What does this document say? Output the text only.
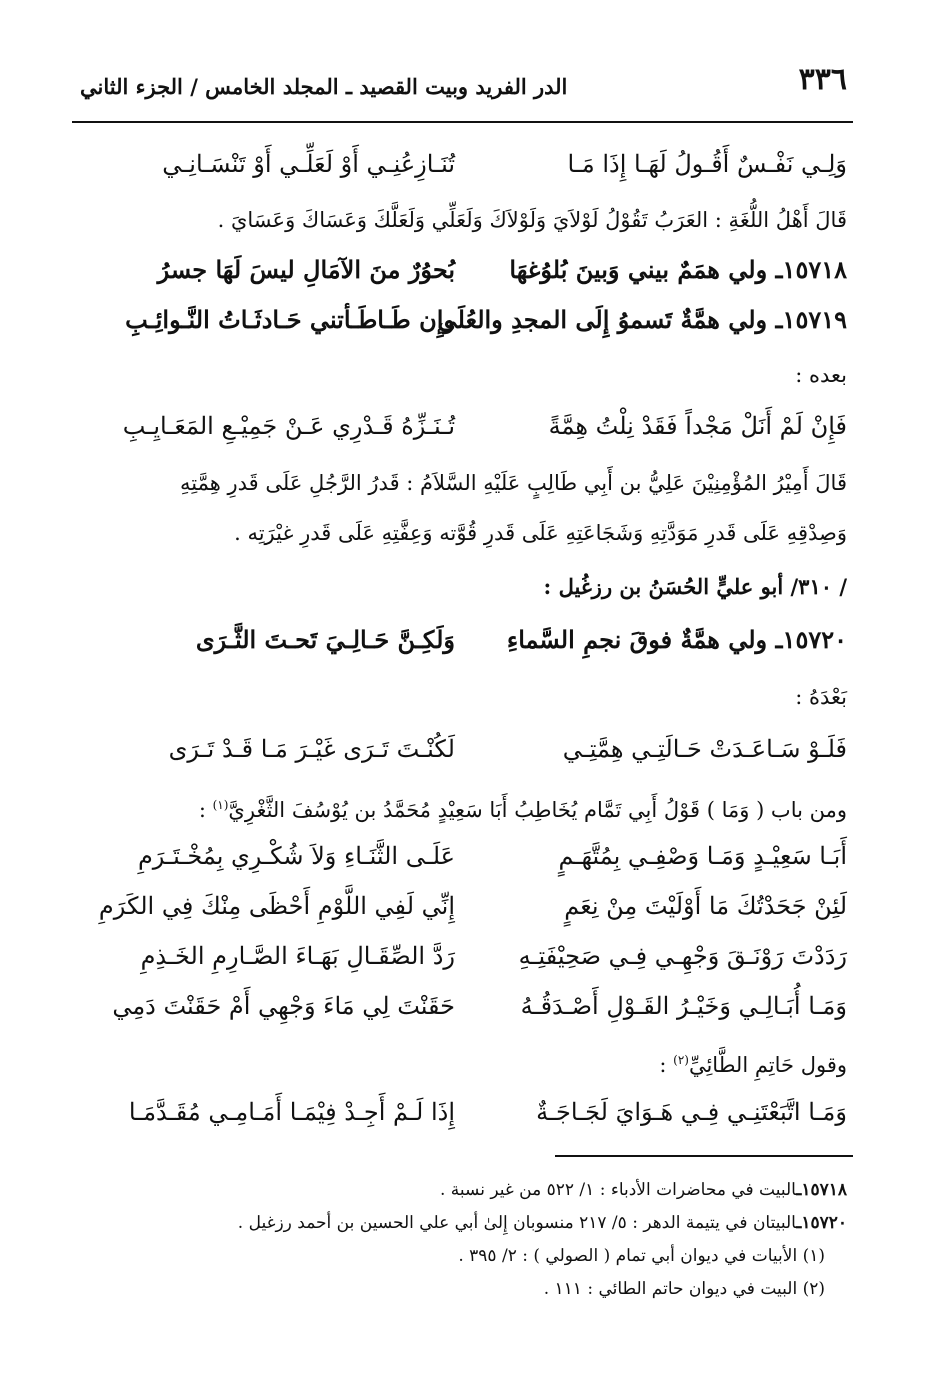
٣٣٦
الدر الفريد وبيت القصيد ـ المجلد الخامس / الجزء الثاني
وَلِـي نَفْـسٌ أَقُـولُ لَهَـا إِذَا مَـا
تُنَـازِعُنِـي أَوْ لَعَلِّـي أَوْ تَنْسَـانِـي
قَالَ أَهْلُ اللُّغَةِ : العَرَبُ تَقُوْلُ لَوْلاَيَ وَلَوْلاَكَ وَلَعَلِّي وَلَعَلَّكَ وَعَسَاكَ وَعَسَايَ .
١٥٧١٨ـ ولي همَمٌ بيني وَبينَ بُلوُغهَا
بُحوُرٌ منَ الآمَالِ ليسَ لَهَا جسرُ
١٥٧١٩ـ ولي همَّةٌ تَسموُ إِلَى المجدِ والعُلَى
وإِن طَـاطَـأتني حَـادثَـاتُ النَّـوائِـبِ
بعده :
فَإِنْ لَمْ أَنَلْ مَجْداً فَقَدْ نِلْتُ هِمَّةً
تُـنَـزِّهُ قَـدْرِي عَـنْ جَمِيْـعِ المَعَـايِـبِ
قَالَ أَمِيْرُ المُؤْمِنِيْنَ عَلِيُّ بن أَبِي طَالِبٍ عَلَيْهِ السَّلاَمُ : قَدرُ الرَّجُلِ عَلَى قَدرِ هِمَّتِهِ
وَصِدْقِهِ عَلَى قَدرِ مَوَدَّتِهِ وَشَجَاعَتِهِ عَلَى قَدرِ قُوَّته وَعِفَّتِهِ عَلَى قَدرِ غيْرَتِه .
/ ٣١٠/ أبو عليٍّ الحُسَنُ بن رزغُيل :
١٥٧٢٠ـ ولي همَّةٌ فوقَ نجمِ السَّماءِ
وَلَكِـنَّ حَـالِـيَ تَحـتَ الثَّـرَى
بَعْدَهُ :
فَلَـوْ سَـاعَـدَتْ حَـالَتِـي هِمَّتِـي
لَكُنْـتَ تَـرَى غَيْـرَ مَـا قَـدْ تَـرَى
ومن باب ( وَمَا ) قَوْلُ أَبِي تَمَّام يُخَاطِبُ أَبَا سَعِيْدٍ مُحَمَّدُ بن يُوْسُفَ الثَّغْرِيَّ$^{(١)}$ :
أَبَـا سَعِيْـدٍ وَمَـا وَصْفِـي بِمُتَّهَـمٍ
عَلَـى الثَّنَـاءِ وَلاَ شُكْـرِي بِمُخْـتَـرَمِ
لَئِنْ جَحَدْتُكَ مَا أَوْلَيْتَ مِنْ نِعَمٍ
إِنِّي لَفِي اللَّوْمِ أَحْظَى مِنْكَ فِي الكَرَمِ
رَدَدْتَ رَوْنَـقَ وَجْهِـي فِـي صَحِيْفَتِـهِ
رَدَّ الصِّقَـالِ بَهَـاءَ الصَّـارِمِ الخَـذِمِ
وَمَـا أُبَـالِـي وَخَيْـرُ القَـوْلِ أَصْـدَقُـهُ
حَقَنْتَ لِي مَاءَ وَجْهِي أَمْ حَقَنْتَ دَمِي
وقول حَاتِمِ الطَّائِيِّ$^{(٢)}$ :
وَمَـا اتَّبَعْتَنِـي فِـي هَـوَايَ لَجَـاجَـةٌ
إِذَا لَـمْ أَجِـدْ فِيْمَـا أَمَـامِـي مُقَـدَّمَـا
١٥٧١٨ـالبيت في محاضرات الأدباء : ١/ ٥٢٢ من غير نسبة .
١٥٧٢٠ـالبيتان في يتيمة الدهر : ٥/ ٢١٧ منسوبان إِلىٰ أبي علي الحسين بن أحمد رزغيل .
(١) الأبيات في ديوان أبي تمام ( الصولي ) : ٢/ ٣٩٥ .
(٢) البيت في ديوان حاتم الطائي : ١١١ .
